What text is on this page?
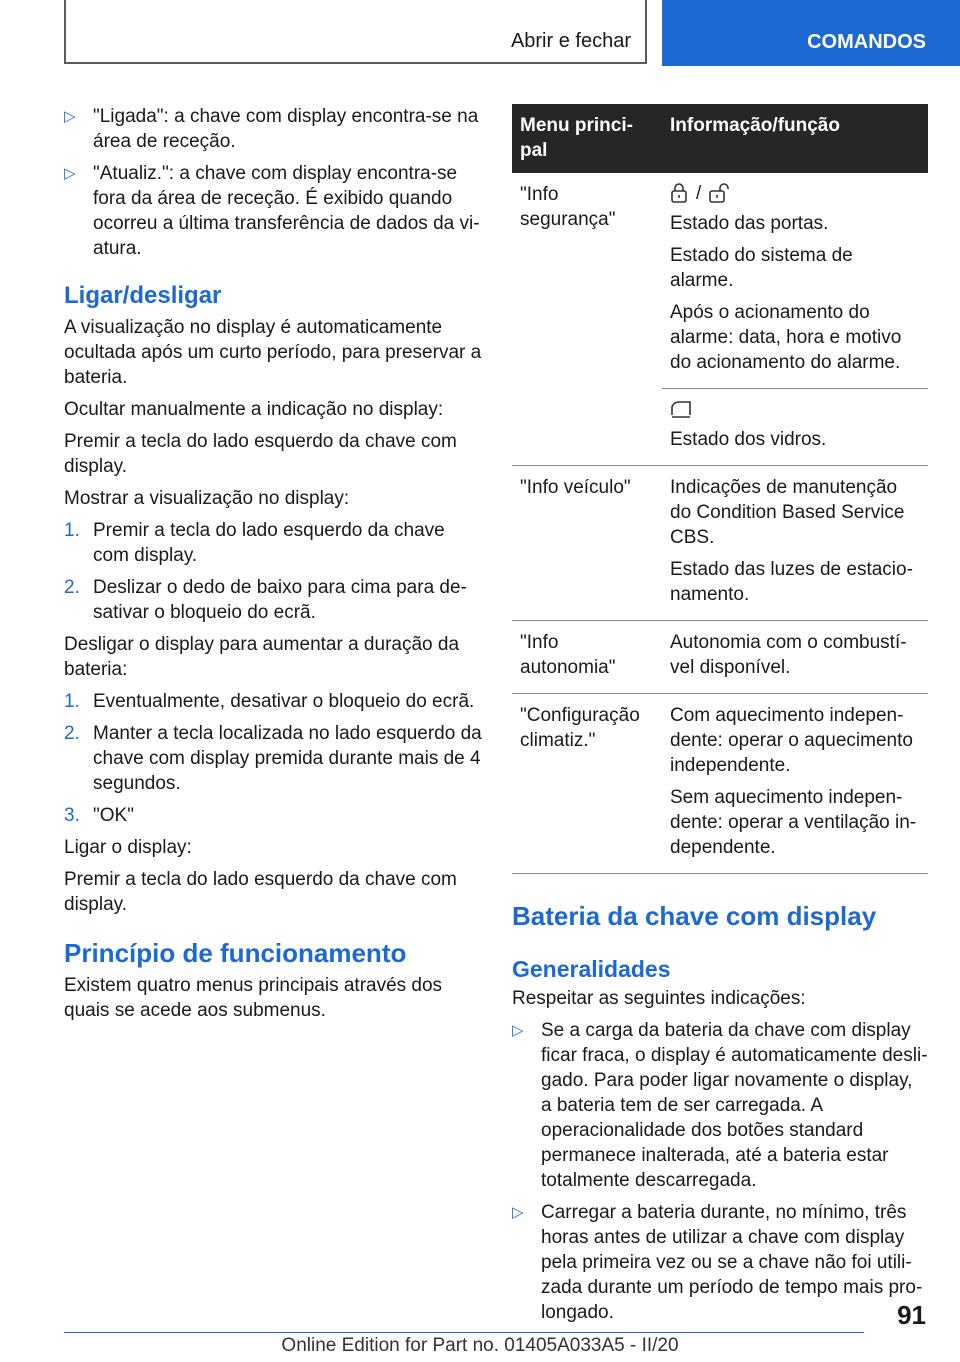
Abrir e fechar	COMANDOS
▷ "Ligada": a chave com display encontra-se na área de receção.
▷ "Atualiz.": a chave com display encontra-se fora da área de receção. É exibido quando ocorreu a última transferência de dados da viatura.
Ligar/desligar

A visualização no display é automaticamente ocultada após um curto período, para preservar a bateria.

Ocultar manualmente a indicação no display:

Premir a tecla do lado esquerdo da chave com display.

Mostrar a visualização no display:

1. Premir a tecla do lado esquerdo da chave com display.
2. Deslizar o dedo de baixo para cima para desativar o bloqueio do ecrã.

Desligar o display para aumentar a duração da bateria:

1. Eventualmente, desativar o bloqueio do ecrã.
2. Manter a tecla localizada no lado esquerdo da chave com display premida durante mais de 4 segundos.
3. "OK"

Ligar o display:

Premir a tecla do lado esquerdo da chave com display.

Princípio de funcionamento

Existem quatro menus principais através dos quais se acede aos submenus.

Menu principal	Informação/função
"Info segurança"	/

Estado das portas.

Estado do sistema de alarme.

Após o acionamento do alarme: data, hora e motivo do acionamento do alarme.

	Estado dos vidros.

"Info veículo"	Indicações de manutenção do Condition Based Service CBS.

Estado das luzes de estacionamento.

"Info autonomia"	Autonomia com o combustível disponível.

"Configuração climatiz."	Com aquecimento independente: operar o aquecimento independente.

Sem aquecimento independente: operar a ventilação independente.

Bateria da chave com display
Generalidades

Respeitar as seguintes indicações:

▷ Se a carga da bateria da chave com display ficar fraca, o display é automaticamente desligado. Para poder ligar novamente o display, a bateria tem de ser carregada. A operacionalidade dos botões standard permanece inalterada, até a bateria estar totalmente descarregada.
▷ Carregar a bateria durante, no mínimo, três horas antes de utilizar a chave com display pela primeira vez ou se a chave não foi utilizada durante um período de tempo mais prolongado.	91
Online Edition for Part no. 01405A033A5 - II/20
